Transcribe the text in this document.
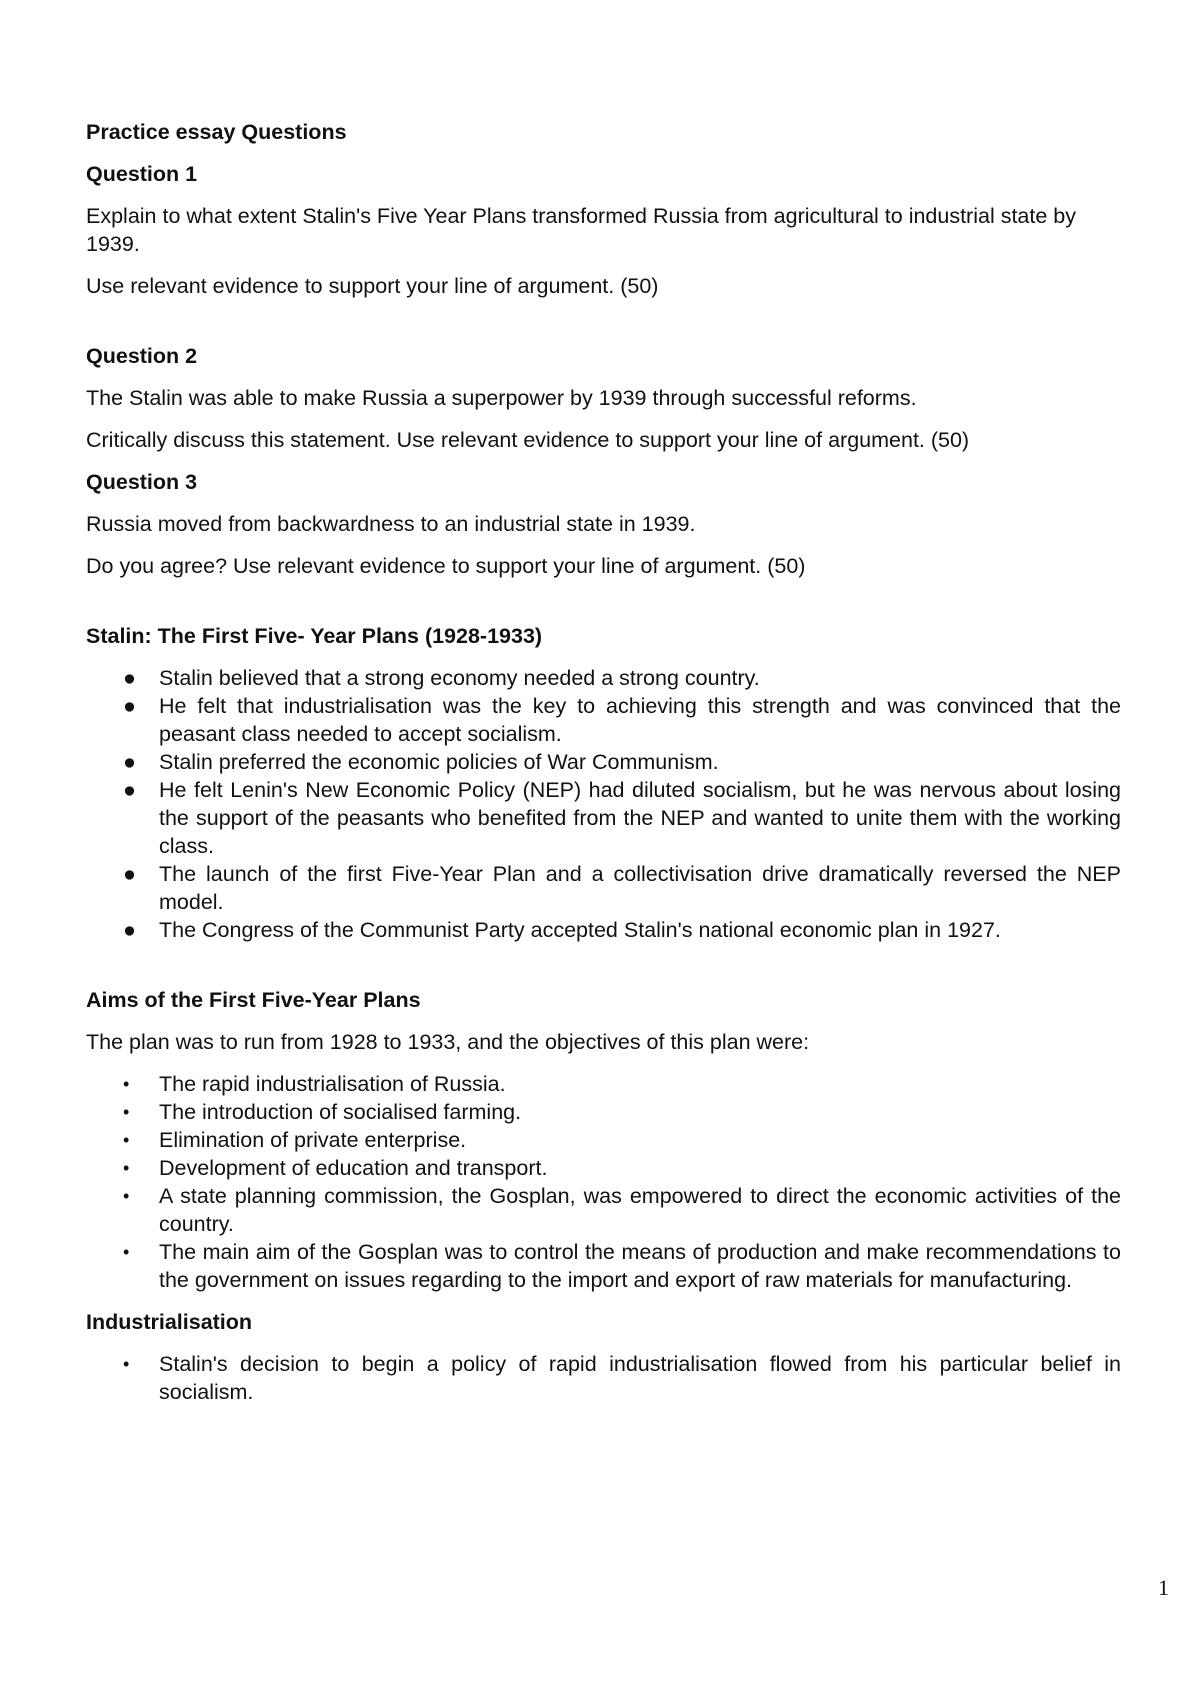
Practice essay Questions
Question 1
Explain to what extent Stalin's Five Year Plans transformed Russia from agricultural to industrial state by 1939.
Use relevant evidence to support your line of argument. (50)
Question 2
The Stalin was able to make Russia a superpower by 1939 through successful reforms.
Critically discuss this statement. Use relevant evidence to support your line of argument. (50)
Question 3
Russia moved from backwardness to an industrial state in 1939.
Do you agree? Use relevant evidence to support your line of argument. (50)
Stalin: The First Five- Year Plans (1928-1933)
●	Stalin believed that a strong economy needed a strong country.
●	He felt that industrialisation was the key to achieving this strength and was convinced that the peasant class needed to accept socialism.
●	Stalin preferred the economic policies of War Communism.
●	He felt Lenin's New Economic Policy (NEP) had diluted socialism, but he was nervous about losing the support of the peasants who benefited from the NEP and wanted to unite them with the working class.
●	The launch of the first Five-Year Plan and a collectivisation drive dramatically reversed the NEP model.
●	The Congress of the Communist Party accepted Stalin's national economic plan in 1927.
Aims of the First Five-Year Plans
The plan was to run from 1928 to 1933, and the objectives of this plan were:
•	The rapid industrialisation of Russia.
•	The introduction of socialised farming.
•	Elimination of private enterprise.
•	Development of education and transport.
•	A state planning commission, the Gosplan, was empowered to direct the economic activities of the country.
•	The main aim of the Gosplan was to control the means of production and make recommendations to the government on issues regarding to the import and export of raw materials for manufacturing.
Industrialisation
•	Stalin's decision to begin a policy of rapid industrialisation flowed from his particular belief in socialism.
1
